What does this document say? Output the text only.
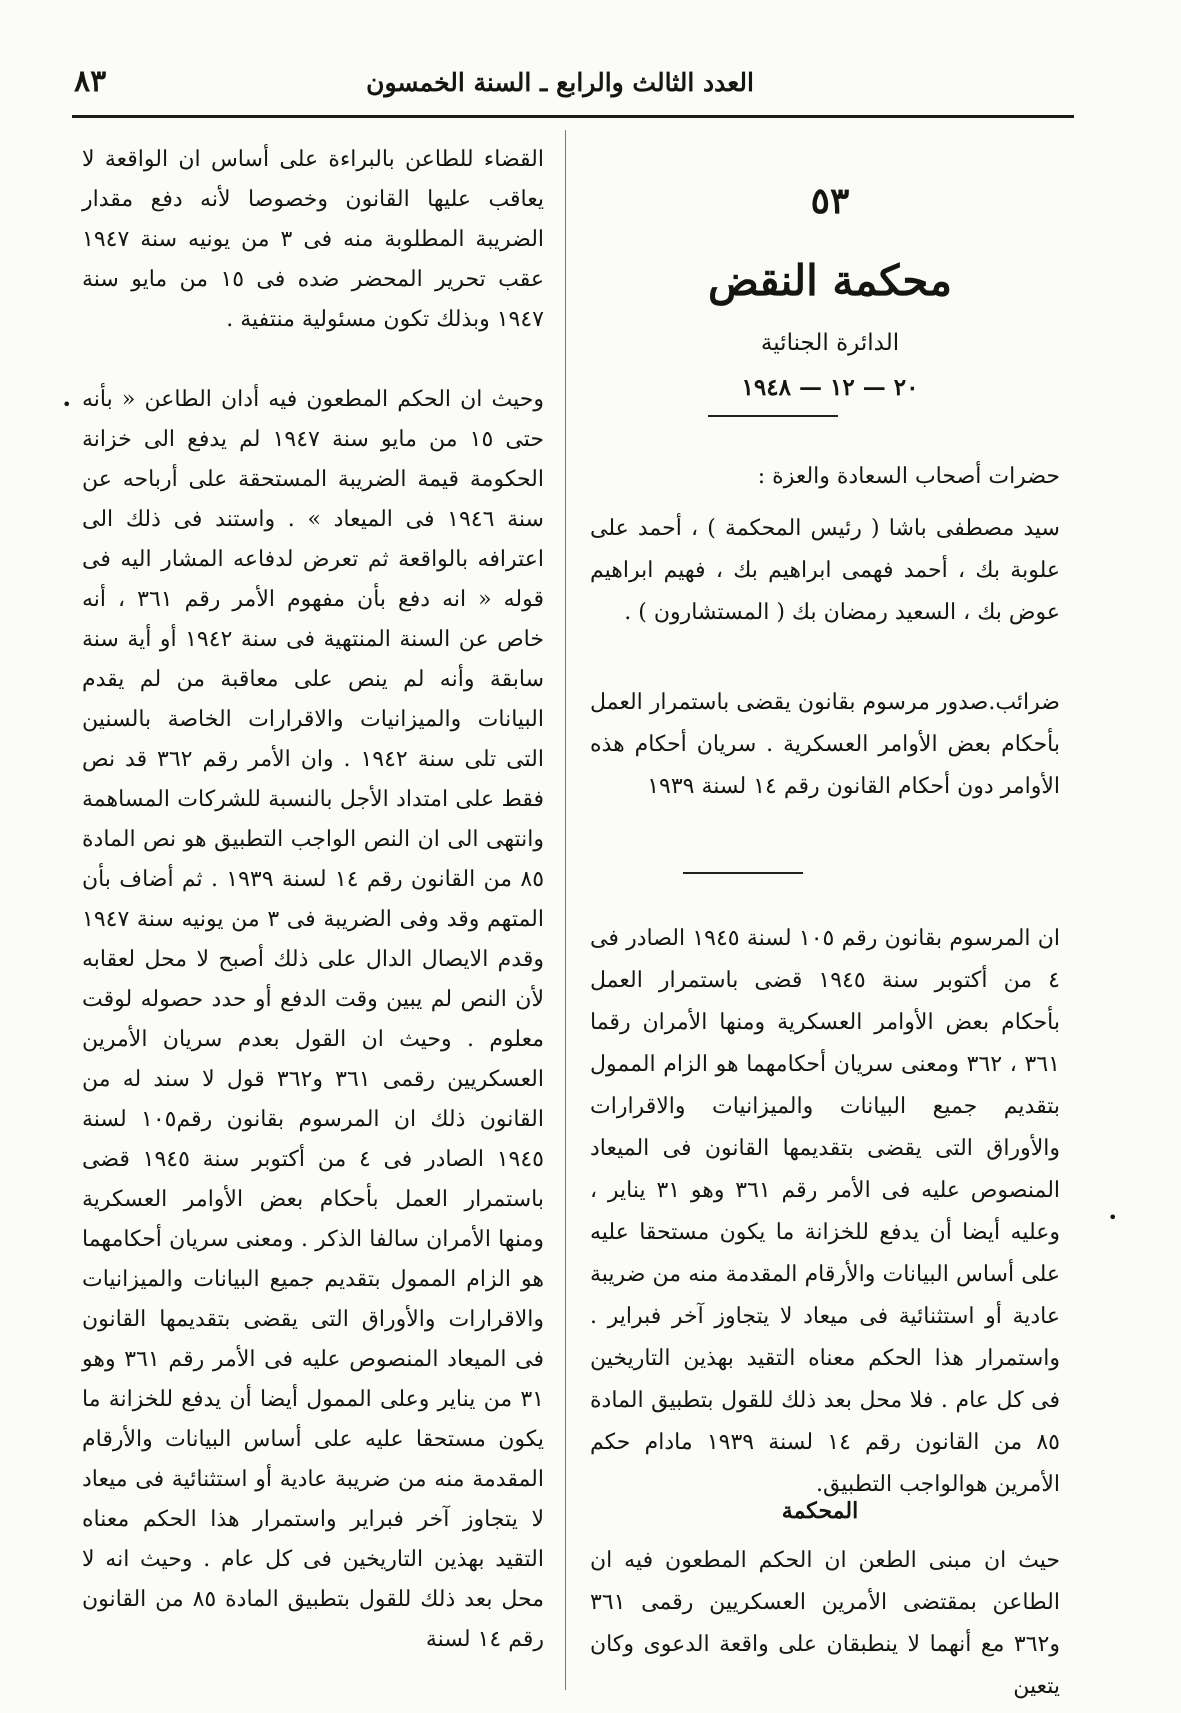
العدد الثالث والرابع ـ السنة الخمسون
٨٣
٥٣
محكمة النقض
الدائرة الجنائية
٢٠ — ١٢ — ١٩٤٨
حضرات أصحاب السعادة والعزة :
سيد مصطفى باشا ( رئيس المحكمة ) ، أحمد على علوبة بك ، أحمد فهمى ابراهيم بك ، فهيم ابراهيم عوض بك ، السعيد رمضان بك ( المستشارون ) .
ضرائب.صدور مرسوم بقانون يقضى باستمرار العمل بأحكام بعض الأوامر العسكرية . سريان أحكام هذه الأوامر دون أحكام القانون رقم ١٤ لسنة ١٩٣٩
ان المرسوم بقانون رقم ١٠٥ لسنة ١٩٤٥ الصادر فى ٤ من أكتوبر سنة ١٩٤٥ قضى باستمرار العمل بأحكام بعض الأوامر العسكرية ومنها الأمران رقما ٣٦١ ، ٣٦٢ ومعنى سريان أحكامهما هو الزام الممول بتقديم جميع البيانات والميزانيات والاقرارات والأوراق التى يقضى بتقديمها القانون فى الميعاد المنصوص عليه فى الأمر رقم ٣٦١ وهو ٣١ يناير ، وعليه أيضا أن يدفع للخزانة ما يكون مستحقا عليه على أساس البيانات والأرقام المقدمة منه من ضريبة عادية أو استثنائية فى ميعاد لا يتجاوز آخر فبراير . واستمرار هذا الحكم معناه التقيد بهذين التاريخين فى كل عام . فلا محل بعد ذلك للقول بتطبيق المادة ٨٥ من القانون رقم ١٤ لسنة ١٩٣٩ مادام حكم الأمرين هوالواجب التطبيق.
المحكمة
حيث ان مبنى الطعن ان الحكم المطعون فيه ان الطاعن بمقتضى الأمرين العسكريين رقمى ٣٦١ و٣٦٢ مع أنهما لا ينطبقان على واقعة الدعوى وكان يتعين
القضاء للطاعن بالبراءة على أساس ان الواقعة لا يعاقب عليها القانون وخصوصا لأنه دفع مقدار الضريبة المطلوبة منه فى ٣ من يونيه سنة ١٩٤٧ عقب تحرير المحضر ضده فى ١٥ من مايو سنة ١٩٤٧ وبذلك تكون مسئولية منتفية .
وحيث ان الحكم المطعون فيه أدان الطاعن « بأنه حتى ١٥ من مايو سنة ١٩٤٧ لم يدفع الى خزانة الحكومة قيمة الضريبة المستحقة على أرباحه عن سنة ١٩٤٦ فى الميعاد » . واستند فى ذلك الى اعترافه بالواقعة ثم تعرض لدفاعه المشار اليه فى قوله « انه دفع بأن مفهوم الأمر رقم ٣٦١ ، أنه خاص عن السنة المنتهية فى سنة ١٩٤٢ أو أية سنة سابقة وأنه لم ينص على معاقبة من لم يقدم البيانات والميزانيات والاقرارات الخاصة بالسنين التى تلى سنة ١٩٤٢ . وان الأمر رقم ٣٦٢ قد نص فقط على امتداد الأجل بالنسبة للشركات المساهمة وانتهى الى ان النص الواجب التطبيق هو نص المادة ٨٥ من القانون رقم ١٤ لسنة ١٩٣٩ . ثم أضاف بأن المتهم وقد وفى الضريبة فى ٣ من يونيه سنة ١٩٤٧ وقدم الايصال الدال على ذلك أصبح لا محل لعقابه لأن النص لم يبين وقت الدفع أو حدد حصوله لوقت معلوم . وحيث ان القول بعدم سريان الأمرين العسكريين رقمى ٣٦١ و٣٦٢ قول لا سند له من القانون ذلك ان المرسوم بقانون رقم١٠٥ لسنة ١٩٤٥ الصادر فى ٤ من أكتوبر سنة ١٩٤٥ قضى باستمرار العمل بأحكام بعض الأوامر العسكرية ومنها الأمران سالفا الذكر . ومعنى سريان أحكامهما هو الزام الممول بتقديم جميع البيانات والميزانيات والاقرارات والأوراق التى يقضى بتقديمها القانون فى الميعاد المنصوص عليه فى الأمر رقم ٣٦١ وهو ٣١ من يناير وعلى الممول أيضا أن يدفع للخزانة ما يكون مستحقا عليه على أساس البيانات والأرقام المقدمة منه من ضريبة عادية أو استثنائية فى ميعاد لا يتجاوز آخر فبراير واستمرار هذا الحكم معناه التقيد بهذين التاريخين فى كل عام . وحيث انه لا محل بعد ذلك للقول بتطبيق المادة ٨٥ من القانون رقم ١٤ لسنة
•
•
